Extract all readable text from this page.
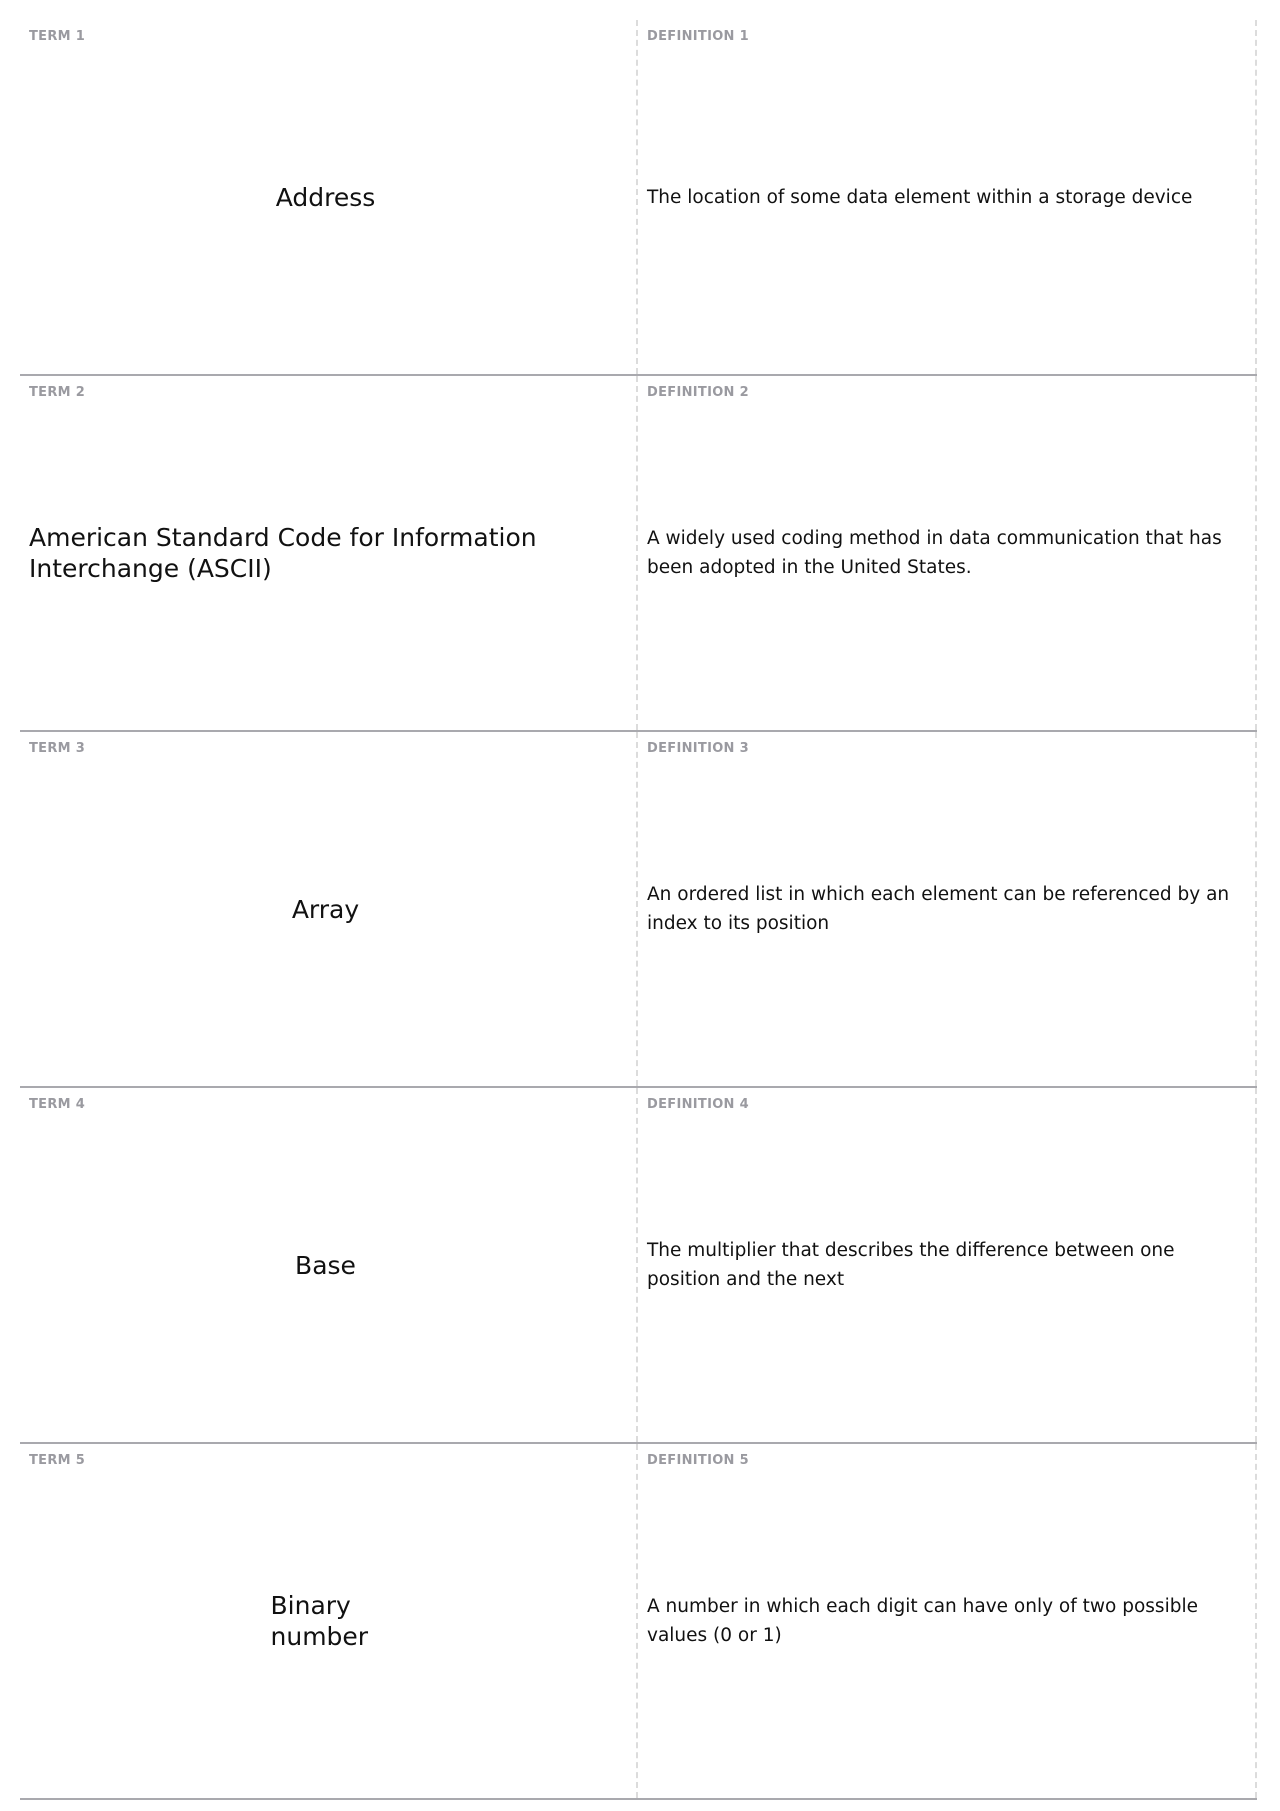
TERM 1
Address
DEFINITION 1
The location of some data element within a storage device
TERM 2
American Standard Code for Information Interchange (ASCII)
DEFINITION 2
A widely used coding method in data communication that has been adopted in the United States.
TERM 3
Array
DEFINITION 3
An ordered list in which each element can be referenced by an index to its position
TERM 4
Base
DEFINITION 4
The multiplier that describes the difference between one position and the next
TERM 5
Binary number
DEFINITION 5
A number in which each digit can have only of two possible values (0 or 1)
